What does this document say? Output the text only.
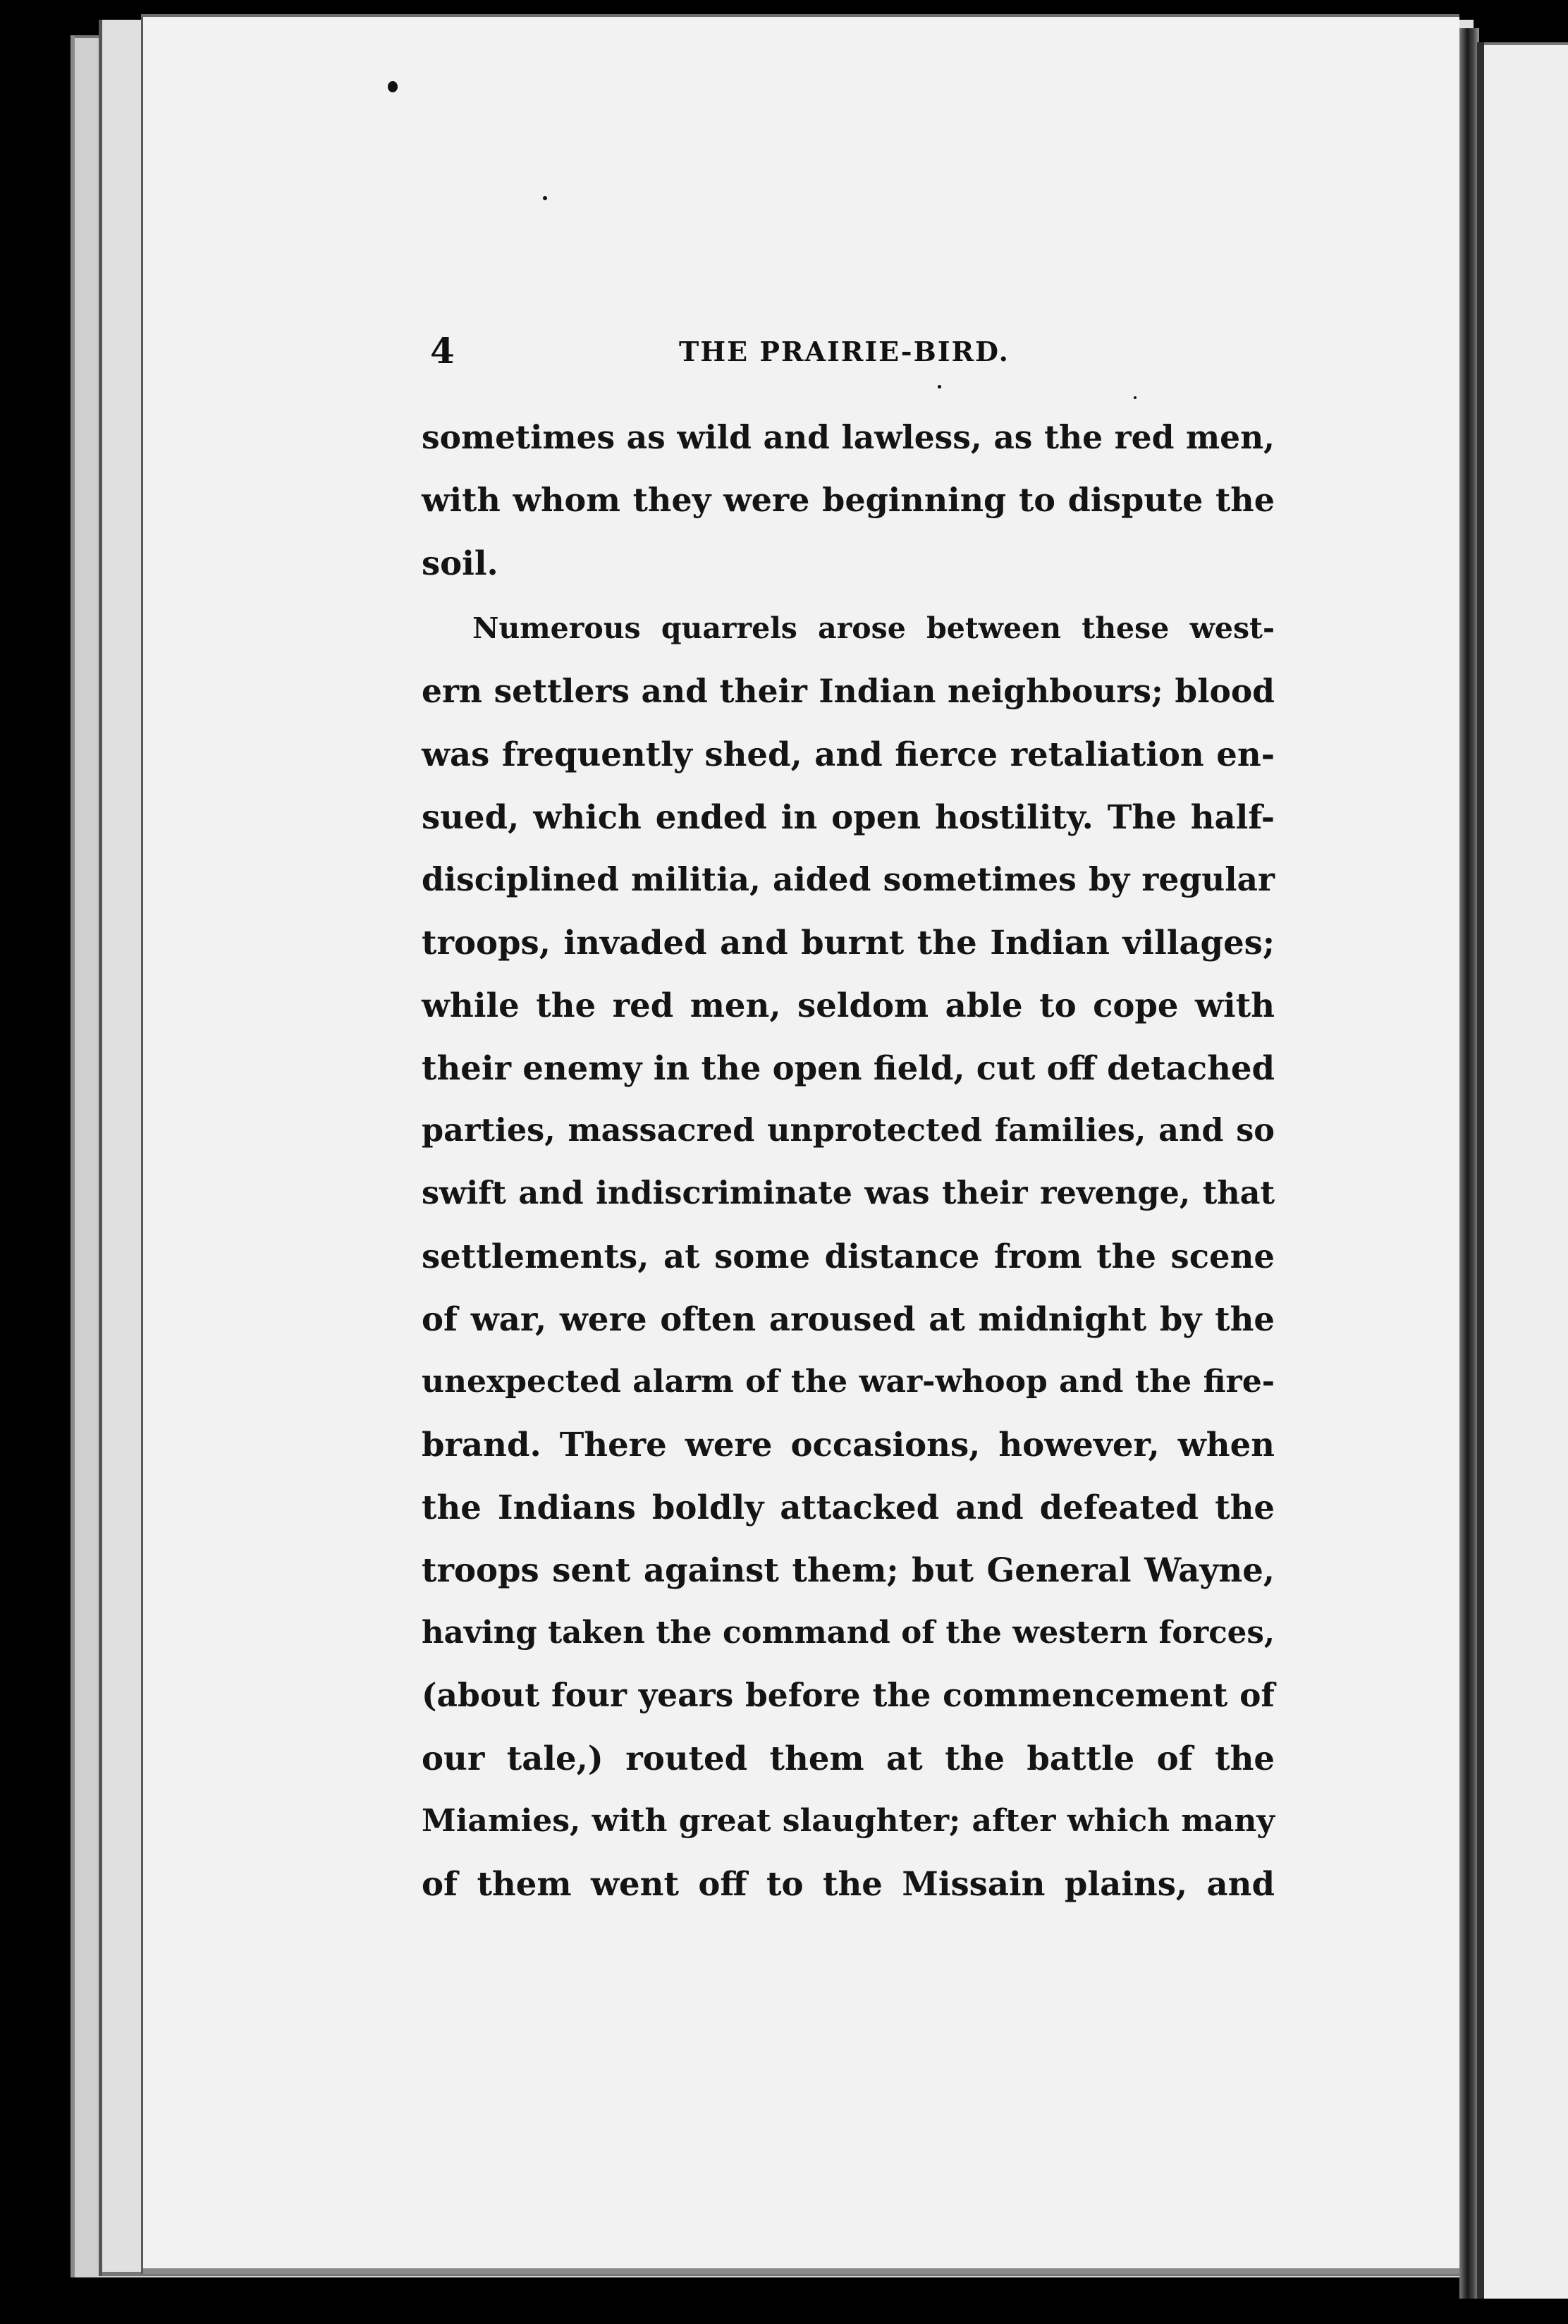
4	THE PRAIRIE-BIRD.
sometimes as wild and lawless, as the red men,
with whom they were beginning to dispute the
soil.
Numerous quarrels arose between these west-
ern settlers and their Indian neighbours; blood
was frequently shed, and fierce retaliation en-
sued, which ended in open hostility. The half-
disciplined militia, aided sometimes by regular
troops, invaded and burnt the Indian villages;
while the red men, seldom able to cope with
their enemy in the open field, cut off detached
parties, massacred unprotected families, and so
swift and indiscriminate was their revenge, that
settlements, at some distance from the scene
of war, were often aroused at midnight by the
unexpected alarm of the war-whoop and the fire-
brand. There were occasions, however, when
the Indians boldly attacked and defeated the
troops sent against them; but General Wayne,
having taken the command of the western forces,
(about four years before the commencement of
our tale,) routed them at the battle of the
Miamies, with great slaughter; after which many
of them went off to the Missain plains, and
